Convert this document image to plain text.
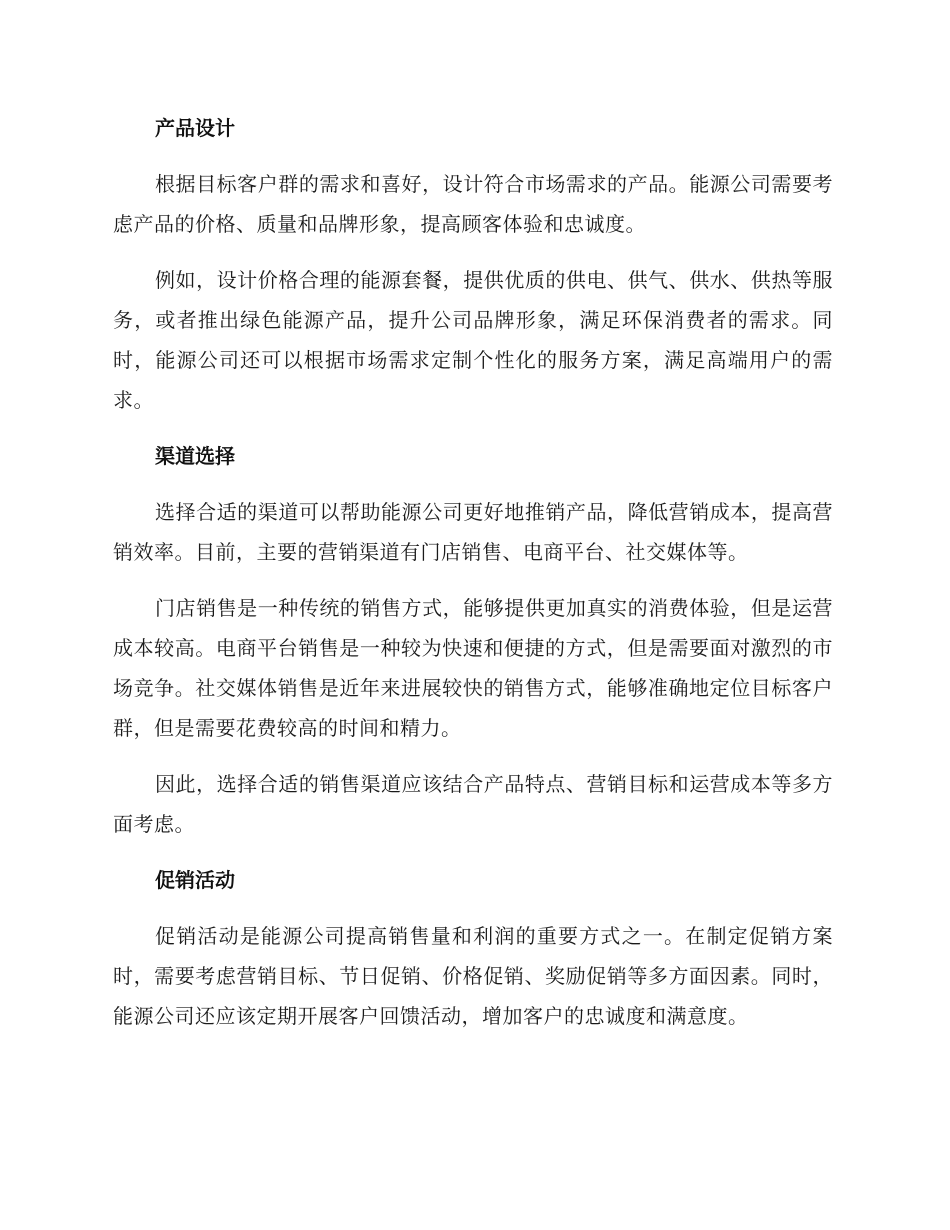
产品设计

根据目标客户群的需求和喜好，设计符合市场需求的产品。能源公司需要考虑产品的价格、质量和品牌形象，提高顾客体验和忠诚度。

例如，设计价格合理的能源套餐，提供优质的供电、供气、供水、供热等服务，或者推出绿色能源产品，提升公司品牌形象，满足环保消费者的需求。同时，能源公司还可以根据市场需求定制个性化的服务方案，满足高端用户的需求。

渠道选择

选择合适的渠道可以帮助能源公司更好地推销产品，降低营销成本，提高营销效率。目前，主要的营销渠道有门店销售、电商平台、社交媒体等。

门店销售是一种传统的销售方式，能够提供更加真实的消费体验，但是运营成本较高。电商平台销售是一种较为快速和便捷的方式，但是需要面对激烈的市场竞争。社交媒体销售是近年来进展较快的销售方式，能够准确地定位目标客户群，但是需要花费较高的时间和精力。

因此，选择合适的销售渠道应该结合产品特点、营销目标和运营成本等多方面考虑。

促销活动

促销活动是能源公司提高销售量和利润的重要方式之一。在制定促销方案时，需要考虑营销目标、节日促销、价格促销、奖励促销等多方面因素。同时，能源公司还应该定期开展客户回馈活动，增加客户的忠诚度和满意度。
